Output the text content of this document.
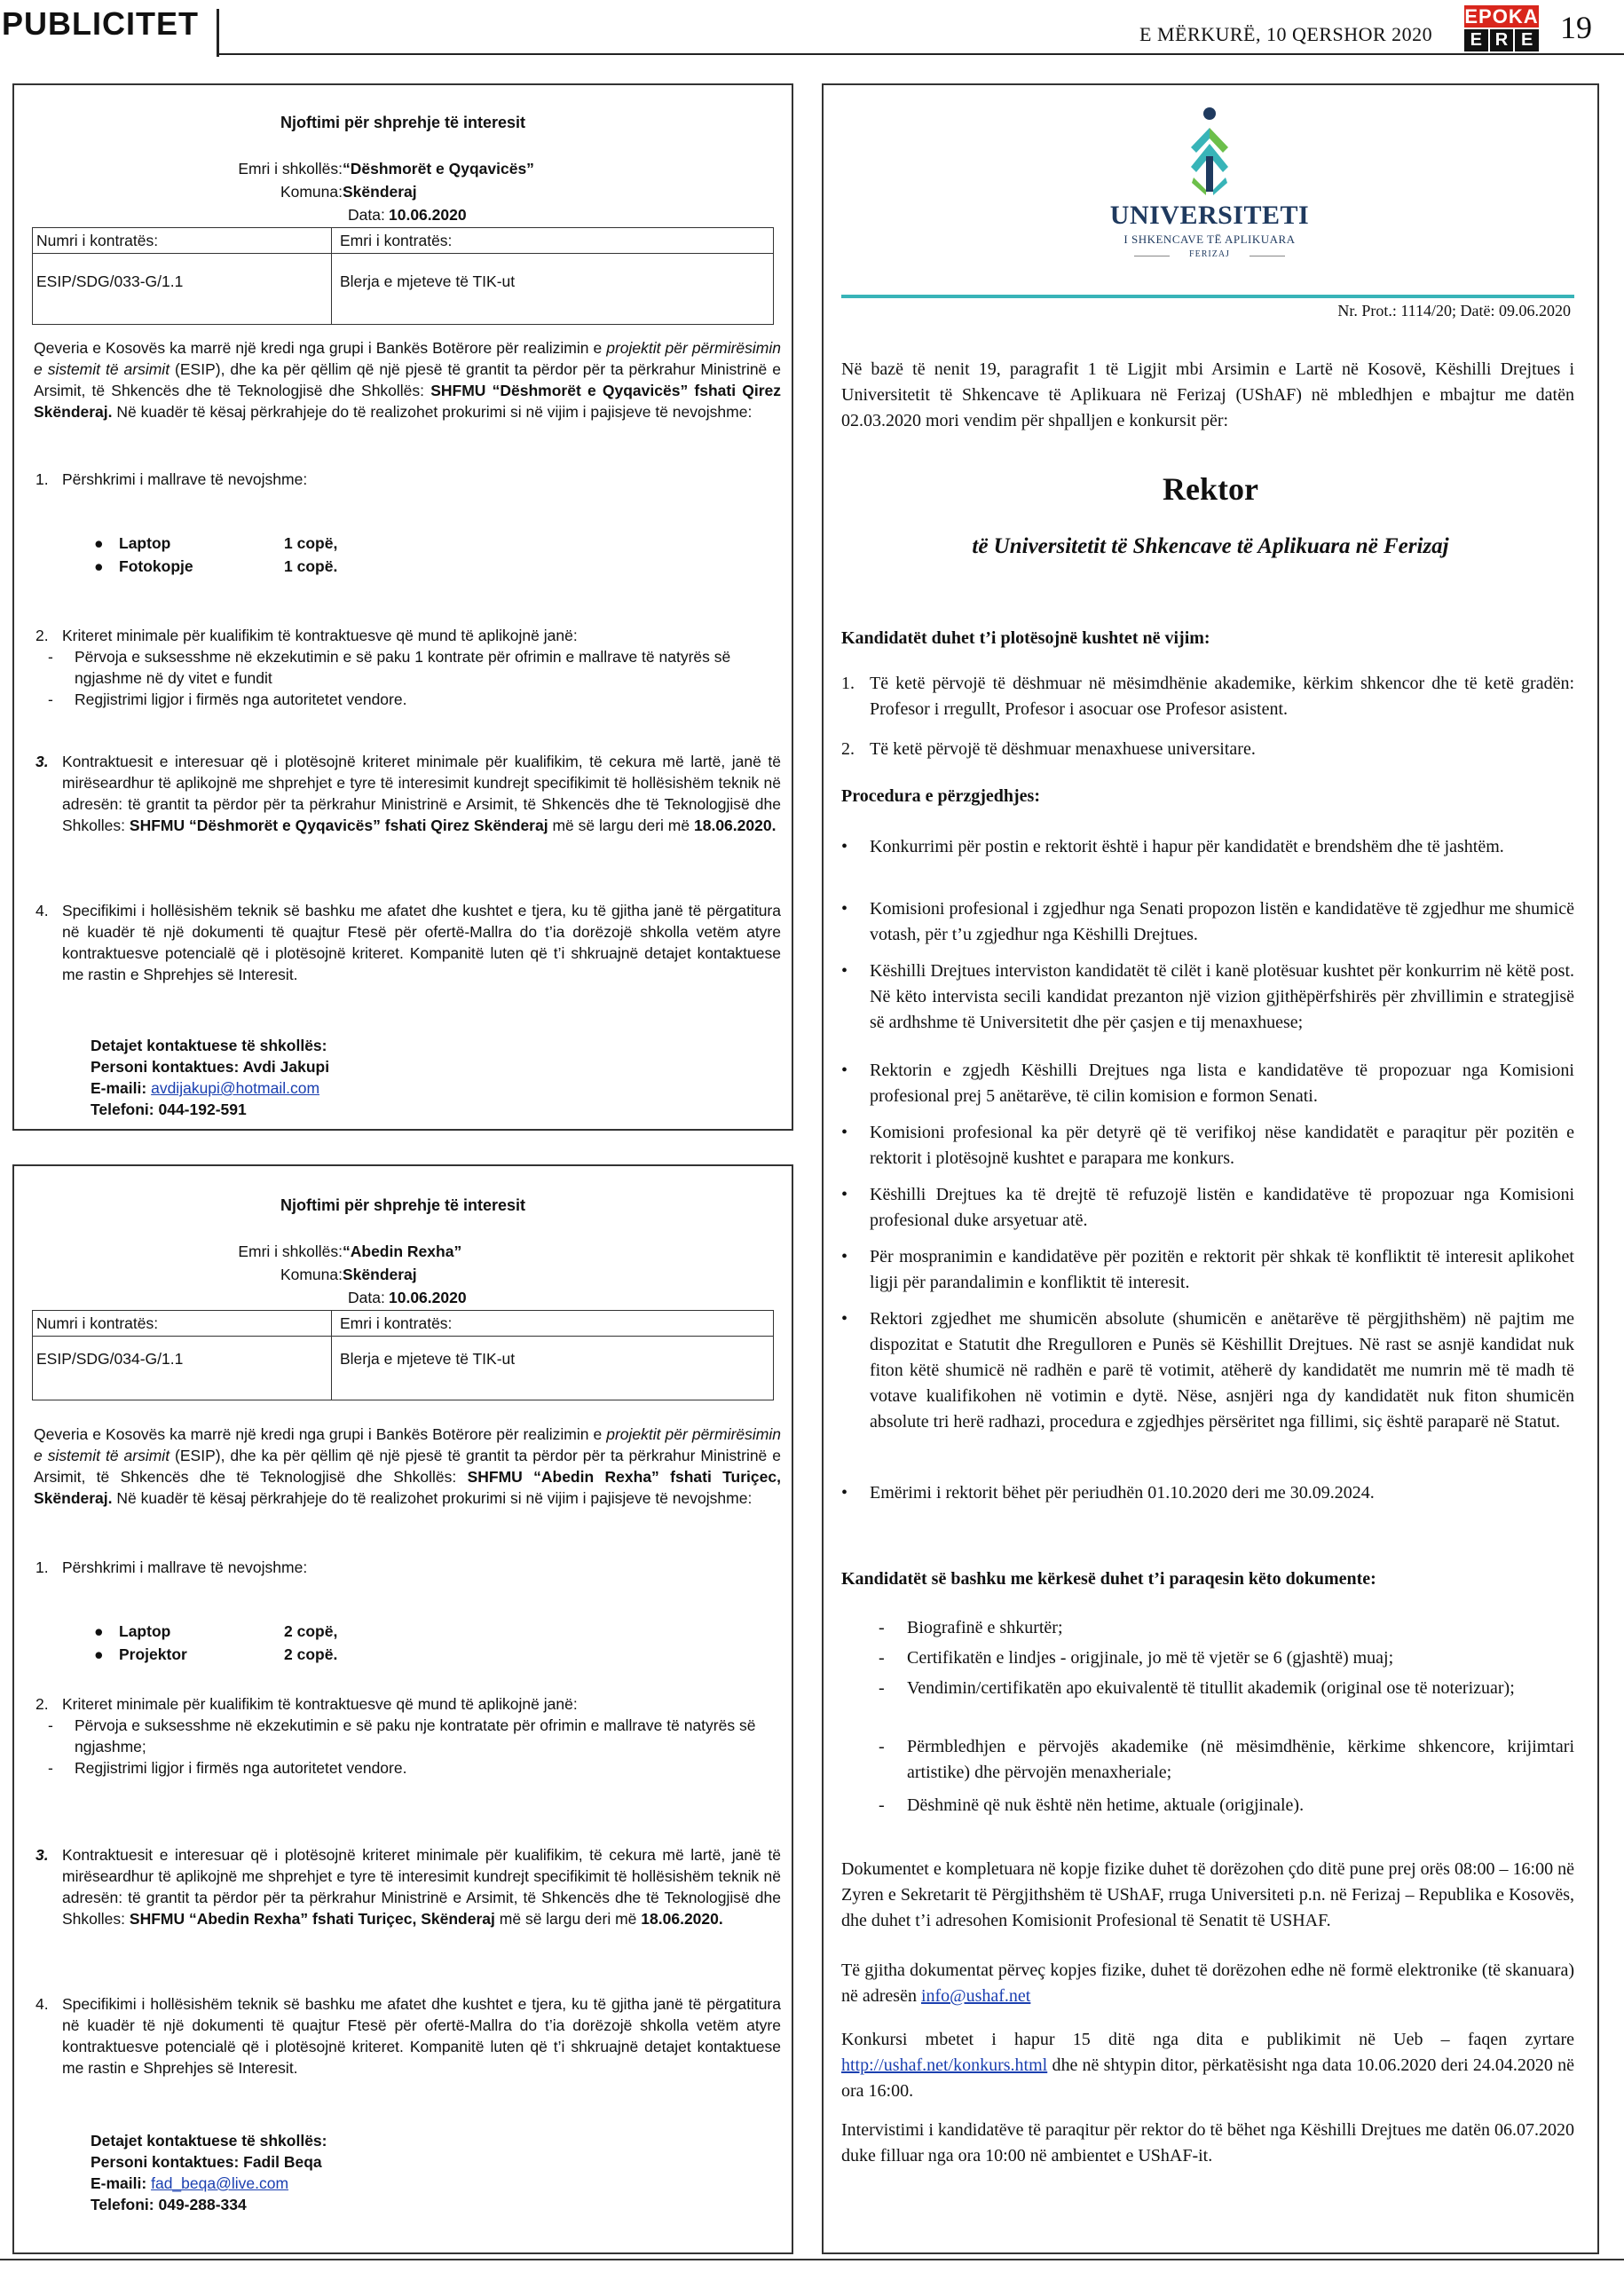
PUBLICITET	E MËRKURË, 10 QERSHOR 2020
EPOKA
E R E 19
Njoftimi për shprehje të interesit
Emri i shkollës: “Dëshmorët e Qyqavicës”
Komuna: Skënderaj
Data: 10.06.2020
Numri i kontratës:	Emri i kontratës:
ESIP/SDG/033-G/1.1	Blerja e mjeteve të TIK-ut
Qeveria e Kosovës ka marrë një kredi nga grupi i Bankës Botërore për realizimin e projektit për përmirësimin e sistemit të arsimit (ESIP), dhe ka për qëllim që një pjesë të grantit ta përdor për ta përkrahur Ministrinë e Arsimit, të Shkencës dhe të Teknologjisë dhe Shkollës: SHFMU “Dëshmorët e Qyqavicës” fshati Qirez Skënderaj. Në kuadër të kësaj përkrahjeje do të realizohet prokurimi si në vijim i pajisjeve të nevojshme:
1. Përshkrimi i mallrave të nevojshme:
● Laptop	1 copë,
● Fotokopje	1 copë.
2. Kriteret minimale për kualifikim të kontraktuesve që mund të aplikojnë janë:
- Përvoja e suksesshme në ekzekutimin e së paku 1 kontrate për ofrimin e mallrave të natyrës së ngjashme në dy vitet e fundit
- Regjistrimi ligjor i firmës nga autoritetet vendore.
3. Kontraktuesit e interesuar që i plotësojnë kriteret minimale për kualifikim, të cekura më lartë, janë të mirëseardhur të aplikojnë me shprehjet e tyre të interesimit kundrejt specifikimit të hollësishëm teknik në adresën: të grantit ta përdor për ta përkrahur Ministrinë e Arsimit, të Shkencës dhe të Teknologjisë dhe Shkolles: SHFMU “Dëshmorët e Qyqavicës” fshati Qirez Skënderaj më së largu deri më 18.06.2020.
4. Specifikimi i hollësishëm teknik së bashku me afatet dhe kushtet e tjera, ku të gjitha janë të përgatitura në kuadër të një dokumenti të quajtur Ftesë për ofertë-Mallra do t’ia dorëzojë shkolla vetëm atyre kontraktuesve potencialë që i plotësojnë kriteret. Kompanitë luten që t’i shkruajnë detajet kontaktuese me rastin e Shprehjes së Interesit.
Detajet kontaktuese të shkollës:
Personi kontaktues: Avdi Jakupi
E-maili: avdijakupi@hotmail.com
Telefoni: 044-192-591
Njoftimi për shprehje të interesit
Emri i shkollës: “Abedin Rexha”
Komuna: Skënderaj
Data: 10.06.2020
Numri i kontratës:	Emri i kontratës:
ESIP/SDG/034-G/1.1	Blerja e mjeteve të TIK-ut
Qeveria e Kosovës ka marrë një kredi nga grupi i Bankës Botërore për realizimin e projektit për përmirësimin e sistemit të arsimit (ESIP), dhe ka për qëllim që një pjesë të grantit ta përdor për ta përkrahur Ministrinë e Arsimit, të Shkencës dhe të Teknologjisë dhe Shkollës: SHFMU “Abedin Rexha” fshati Turiçec, Skënderaj. Në kuadër të kësaj përkrahjeje do të realizohet prokurimi si në vijim i pajisjeve të nevojshme:
1. Përshkrimi i mallrave të nevojshme:
● Laptop	2 copë,
● Projektor	2 copë.
2. Kriteret minimale për kualifikim të kontraktuesve që mund të aplikojnë janë:
- Përvoja e suksesshme në ekzekutimin e së paku nje kontratate për ofrimin e mallrave të natyrës së ngjashme;
- Regjistrimi ligjor i firmës nga autoritetet vendore.
3. Kontraktuesit e interesuar që i plotësojnë kriteret minimale për kualifikim, të cekura më lartë, janë të mirëseardhur të aplikojnë me shprehjet e tyre të interesimit kundrejt specifikimit të hollësishëm teknik në adresën: të grantit ta përdor për ta përkrahur Ministrinë e Arsimit, të Shkencës dhe të Teknologjisë dhe Shkolles: SHFMU “Abedin Rexha” fshati Turiçec, Skënderaj më së largu deri më 18.06.2020.
4. Specifikimi i hollësishëm teknik së bashku me afatet dhe kushtet e tjera, ku të gjitha janë të përgatitura në kuadër të një dokumenti të quajtur Ftesë për ofertë-Mallra do t’ia dorëzojë shkolla vetëm atyre kontraktuesve potencialë që i plotësojnë kriteret. Kompanitë luten që t’i shkruajnë detajet kontaktuese me rastin e Shprehjes së Interesit.
Detajet kontaktuese të shkollës:
Personi kontaktues: Fadil Beqa
E-maili: fad_beqa@live.com
Telefoni: 049-288-334
UNIVERSITETI
I SHKENCAVE TË APLIKUARA
FERIZAJ
Nr. Prot.: 1114/20; Datë: 09.06.2020
Në bazë të nenit 19, paragrafit 1 të Ligjit mbi Arsimin e Lartë në Kosovë, Këshilli Drejtues i Universitetit të Shkencave të Aplikuara në Ferizaj (UShAF) në mbledhjen e mbajtur me datën 02.03.2020 mori vendim për shpalljen e konkursit për:
Rektor
të Universitetit të Shkencave të Aplikuara në Ferizaj
Kandidatët duhet t’i plotësojnë kushtet në vijim:
1. Të ketë përvojë të dëshmuar në mësimdhënie akademike, kërkim shkencor dhe të ketë gradën: Profesor i rregullt, Profesor i asocuar ose Profesor asistent.
2. Të ketë përvojë të dëshmuar menaxhuese universitare.
Procedura e përzgjedhjes:
• Konkurrimi për postin e rektorit është i hapur për kandidatët e brendshëm dhe të jashtëm.
• Komisioni profesional i zgjedhur nga Senati propozon listën e kandidatëve të zgjedhur me shumicë votash, për t’u zgjedhur nga Këshilli Drejtues.
• Këshilli Drejtues interviston kandidatët të cilët i kanë plotësuar kushtet për konkurrim në këtë post. Në këto intervista secili kandidat prezanton një vizion gjithëpërfshirës për zhvillimin e strategjisë së ardhshme të Universitetit dhe për çasjen e tij menaxhuese;
• Rektorin e zgjedh Këshilli Drejtues nga lista e kandidatëve të propozuar nga Komisioni profesional prej 5 anëtarëve, të cilin komision e formon Senati.
• Komisioni profesional ka për detyrë që të verifikoj nëse kandidatët e paraqitur për pozitën e rektorit i plotësojnë kushtet e parapara me konkurs.
• Këshilli Drejtues ka të drejtë të refuzojë listën e kandidatëve të propozuar nga Komisioni profesional duke arsyetuar atë.
• Për mospranimin e kandidatëve për pozitën e rektorit për shkak të konfliktit të interesit aplikohet ligji për parandalimin e konfliktit të interesit.
• Rektori zgjedhet me shumicën absolute (shumicën e anëtarëve të përgjithshëm) në pajtim me dispozitat e Statutit dhe Rregulloren e Punës së Këshillit Drejtues. Në rast se asnjë kandidat nuk fiton këtë shumicë në radhën e parë të votimit, atëherë dy kandidatët me numrin më të madh të votave kualifikohen në votimin e dytë. Nëse, asnjëri nga dy kandidatët nuk fiton shumicën absolute tri herë radhazi, procedura e zgjedhjes përsëritet nga fillimi, siç është paraparë në Statut.
• Emërimi i rektorit bëhet për periudhën 01.10.2020 deri me 30.09.2024.
Kandidatët së bashku me kërkesë duhet t’i paraqesin këto dokumente:
- Biografinë e shkurtër;
- Certifikatën e lindjes - origjinale, jo më të vjetër se 6 (gjashtë) muaj;
- Vendimin/certifikatën apo ekuivalentë të titullit akademik (original ose të noterizuar);
- Përmbledhjen e përvojës akademike (në mësimdhënie, kërkime shkencore, krijimtari artistike) dhe përvojën menaxheriale;
- Dëshminë që nuk është nën hetime, aktuale (origjinale).
Dokumentet e kompletuara në kopje fizike duhet të dorëzohen çdo ditë pune prej orës 08:00 – 16:00 në Zyren e Sekretarit të Përgjithshëm të UShAF, rruga Universiteti p.n. në Ferizaj – Republika e Kosovës, dhe duhet t’i adresohen Komisionit Profesional të Senatit të USHAF.
Të gjitha dokumentat përveç kopjes fizike, duhet të dorëzohen edhe në formë elektronike (të skanuara) në adresën info@ushaf.net
Konkursi mbetet i hapur 15 ditë nga dita e publikimit në Ueb – faqen zyrtare http://ushaf.net/konkurs.html dhe në shtypin ditor, përkatësisht nga data 10.06.2020 deri 24.04.2020 në ora 16:00.
Intervistimi i kandidatëve të paraqitur për rektor do të bëhet nga Këshilli Drejtues me datën 06.07.2020 duke filluar nga ora 10:00 në ambientet e UShAF-it.
